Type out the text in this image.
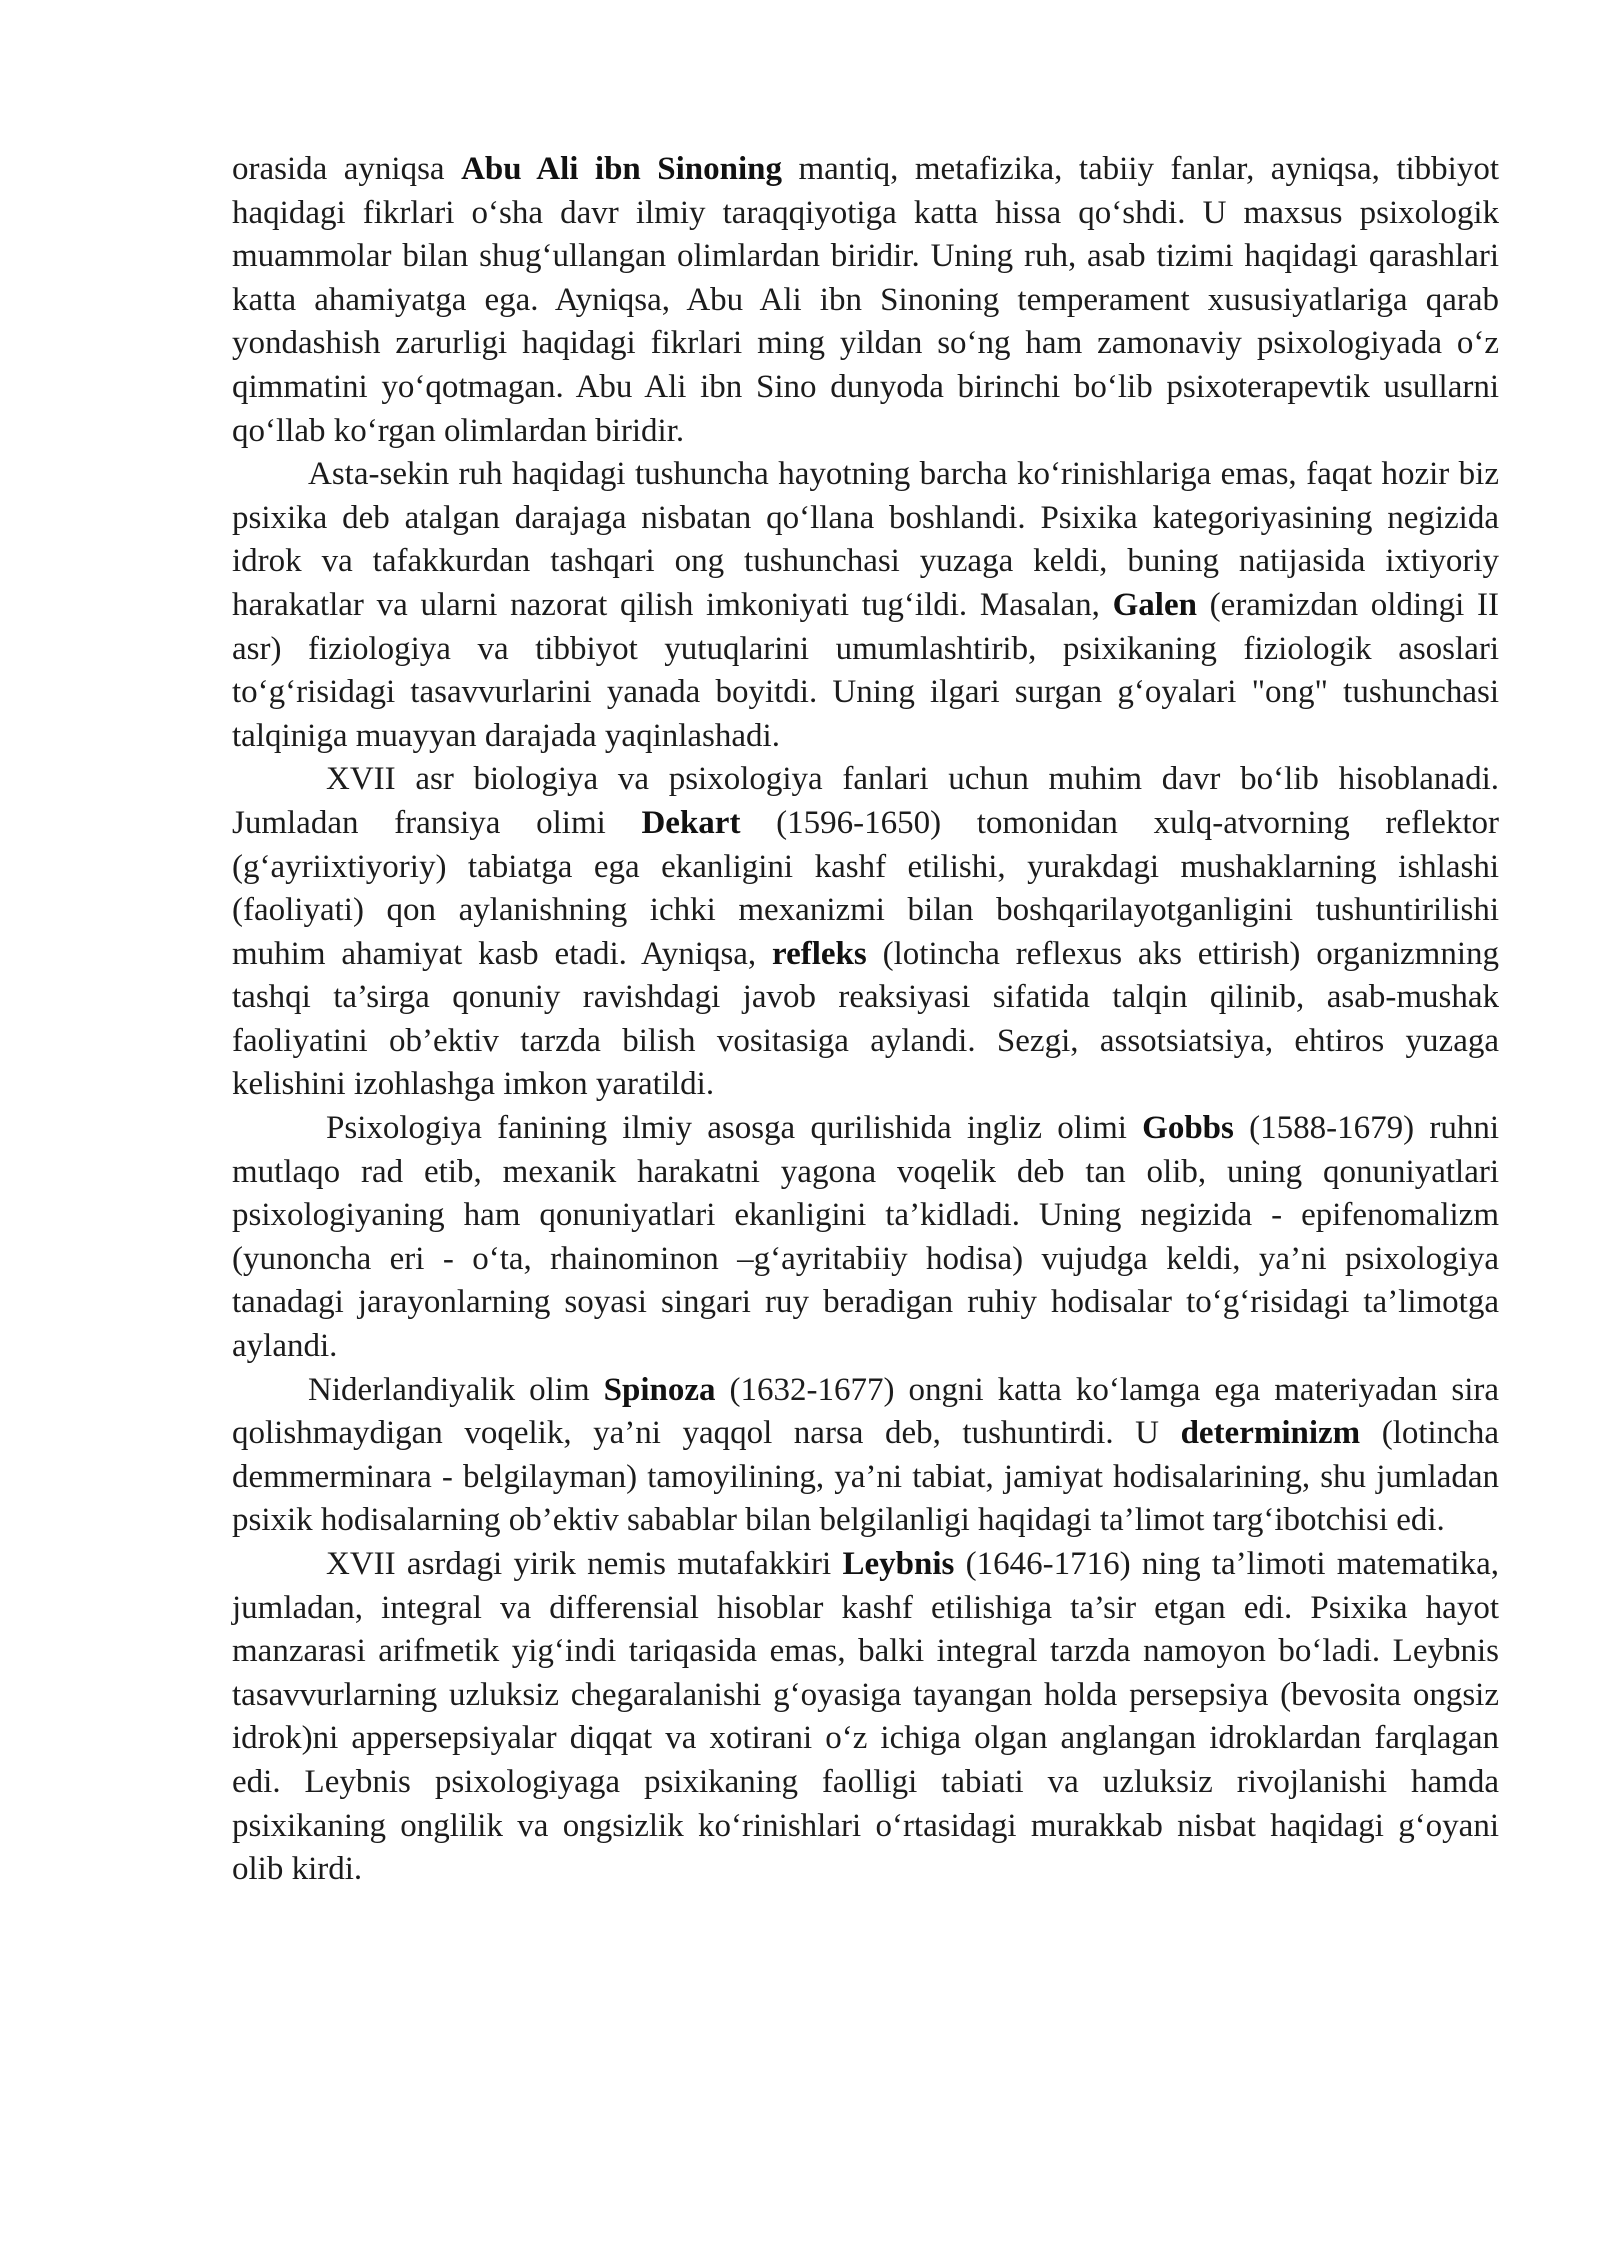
orasida ayniqsa Abu Ali ibn Sinoning mantiq, metafizika, tabiiy fanlar, ayniqsa, tibbiyot haqidagi fikrlari o‘sha davr ilmiy taraqqiyotiga katta hissa qo‘shdi. U maxsus psixologik muammolar bilan shug‘ullangan olimlardan biridir. Uning ruh, asab tizimi haqidagi qarashlari katta ahamiyatga ega. Ayniqsa, Abu Ali ibn Sinoning temperament xususiyatlariga qarab yondashish zarurligi haqidagi fikrlari ming yildan so‘ng ham zamonaviy psixologiyada o‘z qimmatini yo‘qotmagan. Abu Ali ibn Sino dunyoda birinchi bo‘lib psixoterapevtik usullarni qo‘llab ko‘rgan olimlardan biridir.

Asta-sekin ruh haqidagi tushuncha hayotning barcha ko‘rinishlariga emas, faqat hozir biz psixika deb atalgan darajaga nisbatan qo‘llana boshlandi. Psixika kategoriyasining negizida idrok va tafakkurdan tashqari ong tushunchasi yuzaga keldi, buning natijasida ixtiyoriy harakatlar va ularni nazorat qilish imkoniyati tug‘ildi. Masalan, Galen (eramizdan oldingi II asr) fiziologiya va tibbiyot yutuqlarini umumlashtirib, psixikaning fiziologik asoslari to‘g‘risidagi tasavvurlarini yanada boyitdi. Uning ilgari surgan g‘oyalari "ong" tushunchasi talqiniga muayyan darajada yaqinlashadi.

XVII asr biologiya va psixologiya fanlari uchun muhim davr bo‘lib hisoblanadi. Jumladan fransiya olimi Dekart (1596-1650) tomonidan xulq-atvorning reflektor (g‘ayriixtiyoriy) tabiatga ega ekanligini kashf etilishi, yurakdagi mushaklarning ishlashi (faoliyati) qon aylanishning ichki mexanizmi bilan boshqarilayotganligini tushuntirilishi muhim ahamiyat kasb etadi. Ayniqsa, refleks (lotincha reflexus aks ettirish) organizmning tashqi ta’sirga qonuniy ravishdagi javob reaksiyasi sifatida talqin qilinib, asab-mushak faoliyatini ob’ektiv tarzda bilish vositasiga aylandi. Sezgi, assotsiatsiya, ehtiros yuzaga kelishini izohlashga imkon yaratildi.

Psixologiya fanining ilmiy asosga qurilishida ingliz olimi Gobbs (1588-1679) ruhni mutlaqo rad etib, mexanik harakatni yagona voqelik deb tan olib, uning qonuniyatlari psixologiyaning ham qonuniyatlari ekanligini ta’kidladi. Uning negizida - epifenomalizm (yunoncha eri - o‘ta, rhainominon –g‘ayritabiiy hodisa) vujudga keldi, ya’ni psixologiya tanadagi jarayonlarning soyasi singari ruy beradigan ruhiy hodisalar to‘g‘risidagi ta’limotga aylandi.

Niderlandiyalik olim Spinoza (1632-1677) ongni katta ko‘lamga ega materiyadan sira qolishmaydigan voqelik, ya’ni yaqqol narsa deb, tushuntirdi. U determinizm (lotincha demmerminara - belgilayman) tamoyilining, ya’ni tabiat, jamiyat hodisalarining, shu jumladan psixik hodisalarning ob’ektiv sabablar bilan belgilanligi haqidagi ta’limot targ‘ibotchisi edi.

XVII asrdagi yirik nemis mutafakkiri Leybnis (1646-1716) ning ta’limoti matematika, jumladan, integral va differensial hisoblar kashf etilishiga ta’sir etgan edi. Psixika hayot manzarasi arifmetik yig‘indi tariqasida emas, balki integral tarzda namoyon bo‘ladi. Leybnis tasavvurlarning uzluksiz chegaralanishi g‘oyasiga tayangan holda persepsiya (bevosita ongsiz idrok)ni appersepsiyalar diqqat va xotirani o‘z ichiga olgan anglangan idroklardan farqlagan edi. Leybnis psixologiyaga psixikaning faolligi tabiati va uzluksiz rivojlanishi hamda psixikaning onglilik va ongsizlik ko‘rinishlari o‘rtasidagi murakkab nisbat haqidagi g‘oyani olib kirdi.
